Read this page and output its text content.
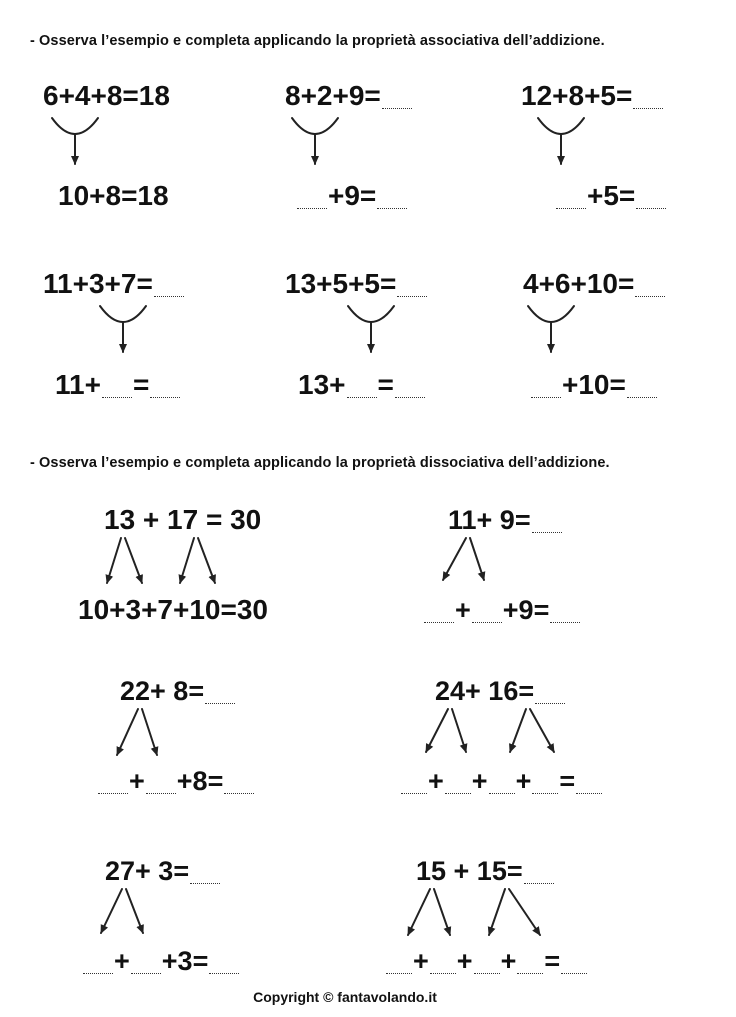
- Osserva l’esempio e completa applicando la proprietà associativa dell’addizione.
6+4+8=18
10+8=18
8+2+9=
+9=
12+8+5=
+5=
11+3+7=
11+ =
13+5+5=
13+ =
4+6+10=
+10=
- Osserva l’esempio e completa applicando la proprietà dissociativa dell’addizione.
13 + 17 = 30
10+3+7+10=30
11+ 9=
+ +9=
22+ 8=
+ +8=
24+ 16=
+ + + =
27+ 3=
+ +3=
15 + 15=
+ + + =
Copyright © fantavolando.it
